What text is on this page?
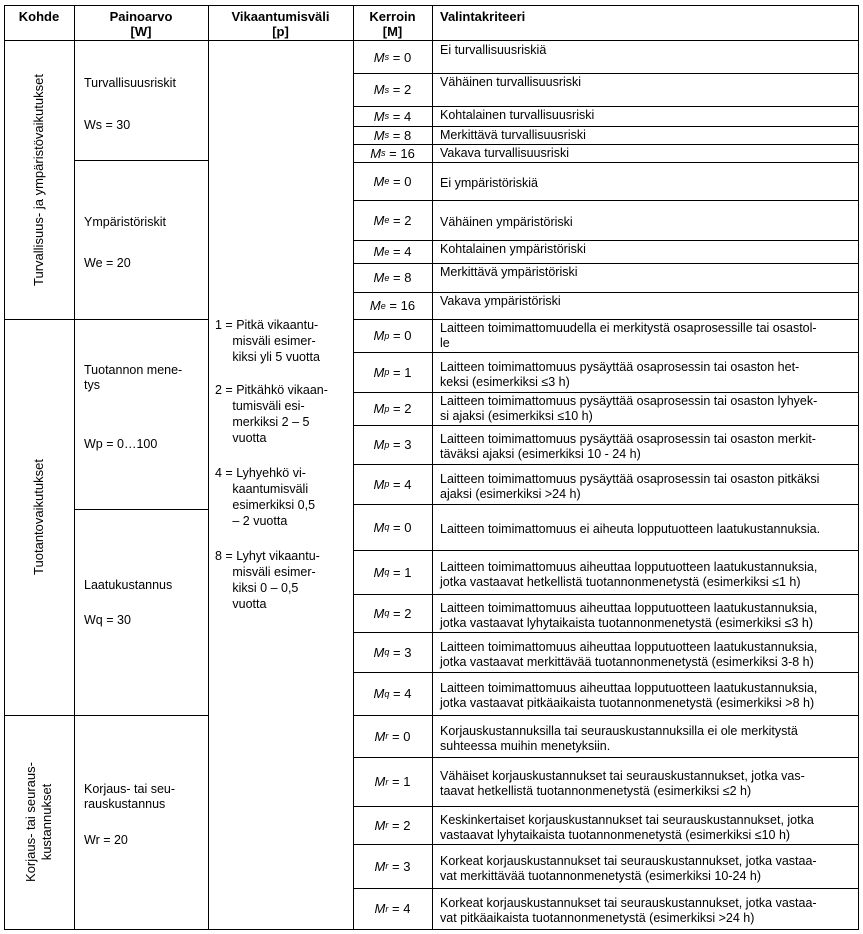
Kohde	Painoarvo
[W]
Vikaantumisväli
[p]
Kerroin
[M]
Valintakriteeri
Turvallisuus- ja ympäristövaikutukset
Tuotantovaikutukset
Korjaus- tai seuraus-
kustannukset
Turvallisuusriskit
Ws = 30
Ympäristöriskit
We = 20
Tuotannon mene-
tys
Wp = 0…100
Laatukustannus
Wq = 30
Korjaus- tai seu-
rauskustannus
Wr = 20
1 = Pitkä vikaantu-
misväli esimer-
kiksi yli 5 vuotta
2 = Pitkähkö vikaan-
tumisväli esi-
merkiksi 2 – 5
vuotta
4 = Lyhyehkö vi-
kaantumisväli
esimerkiksi 0,5
– 2 vuotta
8 = Lyhyt vikaantu-
misväli esimer-
kiksi 0 – 0,5
vuotta
M s = 0 Ei turvallisuusriskiä
M s = 2 Vähäinen turvallisuusriski
M s = 4 Kohtalainen turvallisuusriski
M s = 8 Merkittävä turvallisuusriski
M s = 16 Vakava turvallisuusriski
M e = 0 Ei ympäristöriskiä
M e = 2 Vähäinen ympäristöriski
M e = 4 Kohtalainen ympäristöriski
M e = 8 Merkittävä ympäristöriski
M e = 16 Vakava ympäristöriski
M p = 0 Laitteen toimimattomuudella ei merkitystä osaprosessille tai osastol-
le
M p = 1 Laitteen toimimattomuus pysäyttää osaprosessin tai osaston het-
keksi (esimerkiksi ≤3 h)
M p = 2 Laitteen toimimattomuus pysäyttää osaprosessin tai osaston lyhyek-
si ajaksi (esimerkiksi ≤10 h)
M p = 3 Laitteen toimimattomuus pysäyttää osaprosessin tai osaston merkit-
täväksi ajaksi (esimerkiksi 10 - 24 h)
M p = 4 Laitteen toimimattomuus pysäyttää osaprosessin tai osaston pitkäksi
ajaksi (esimerkiksi >24 h)
M q = 0 Laitteen toimimattomuus ei aiheuta lopputuotteen laatukustannuksia.
M q = 1 Laitteen toimimattomuus aiheuttaa lopputuotteen laatukustannuksia,
jotka vastaavat hetkellistä tuotannonmenetystä (esimerkiksi ≤1 h)
M q = 2 Laitteen toimimattomuus aiheuttaa lopputuotteen laatukustannuksia,
jotka vastaavat lyhytaikaista tuotannonmenetystä (esimerkiksi ≤3 h)
M q = 3 Laitteen toimimattomuus aiheuttaa lopputuotteen laatukustannuksia,
jotka vastaavat merkittävää tuotannonmenetystä (esimerkiksi 3-8 h)
M q = 4 Laitteen toimimattomuus aiheuttaa lopputuotteen laatukustannuksia,
jotka vastaavat pitkäaikaista tuotannonmenetystä (esimerkiksi >8 h)
M r = 0 Korjauskustannuksilla tai seurauskustannuksilla ei ole merkitystä
suhteessa muihin menetyksiin.
M r = 1 Vähäiset korjauskustannukset tai seurauskustannukset, jotka vas-
taavat hetkellistä tuotannonmenetystä (esimerkiksi ≤2 h)
M r = 2 Keskinkertaiset korjauskustannukset tai seurauskustannukset, jotka
vastaavat lyhytaikaista tuotannonmenetystä (esimerkiksi ≤10 h)
M r = 3 Korkeat korjauskustannukset tai seurauskustannukset, jotka vastaa-
vat merkittävää tuotannonmenetystä (esimerkiksi 10-24 h)
M r = 4 Korkeat korjauskustannukset tai seurauskustannukset, jotka vastaa-
vat pitkäaikaista tuotannonmenetystä (esimerkiksi >24 h)
